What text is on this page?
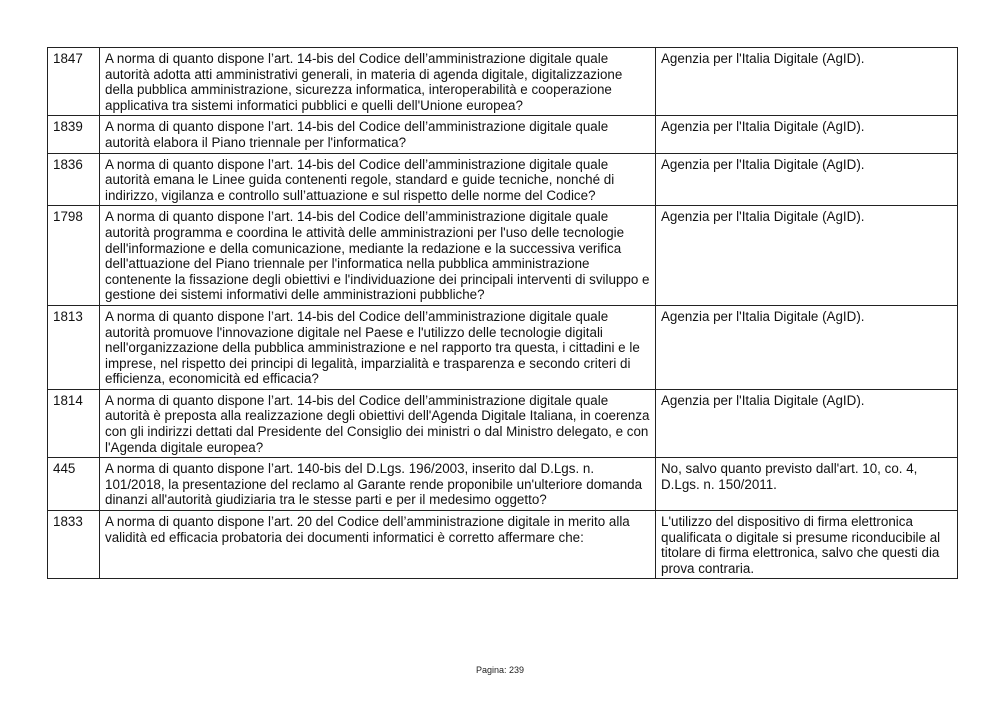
1847	A norma di quanto dispone l’art. 14-bis del Codice dell’amministrazione digitale quale autorità adotta atti amministrativi generali, in materia di agenda digitale, digitalizzazione della pubblica amministrazione, sicurezza informatica, interoperabilità e cooperazione applicativa tra sistemi informatici pubblici e quelli dell'Unione europea?	Agenzia per l'Italia Digitale (AgID).
1839	A norma di quanto dispone l’art. 14-bis del Codice dell’amministrazione digitale quale autorità elabora il Piano triennale per l'informatica?	Agenzia per l'Italia Digitale (AgID).
1836	A norma di quanto dispone l’art. 14-bis del Codice dell’amministrazione digitale quale autorità emana le Linee guida contenenti regole, standard e guide tecniche, nonché di indirizzo, vigilanza e controllo sull’attuazione e sul rispetto delle norme del Codice?	Agenzia per l'Italia Digitale (AgID).
1798	A norma di quanto dispone l’art. 14-bis del Codice dell’amministrazione digitale quale autorità programma e coordina le attività delle amministrazioni per l'uso delle tecnologie dell'informazione e della comunicazione, mediante la redazione e la successiva verifica dell'attuazione del Piano triennale per l'informatica nella pubblica amministrazione contenente la fissazione degli obiettivi e l'individuazione dei principali interventi di sviluppo e gestione dei sistemi informativi delle amministrazioni pubbliche?	Agenzia per l'Italia Digitale (AgID).
1813	A norma di quanto dispone l’art. 14-bis del Codice dell’amministrazione digitale quale autorità promuove l'innovazione digitale nel Paese e l'utilizzo delle tecnologie digitali nell'organizzazione della pubblica amministrazione e nel rapporto tra questa, i cittadini e le imprese, nel rispetto dei principi di legalità, imparzialità e trasparenza e secondo criteri di efficienza, economicità ed efficacia?	Agenzia per l'Italia Digitale (AgID).
1814	A norma di quanto dispone l’art. 14-bis del Codice dell’amministrazione digitale quale autorità è preposta alla realizzazione degli obiettivi dell'Agenda Digitale Italiana, in coerenza con gli indirizzi dettati dal Presidente del Consiglio dei ministri o dal Ministro delegato, e con l'Agenda digitale europea?	Agenzia per l'Italia Digitale (AgID).
445	A norma di quanto dispone l’art. 140-bis del D.Lgs. 196/2003, inserito dal D.Lgs. n. 101/2018, la presentazione del reclamo al Garante rende proponibile un'ulteriore domanda dinanzi all'autorità giudiziaria tra le stesse parti e per il medesimo oggetto?	No, salvo quanto previsto dall'art. 10, co. 4, D.Lgs. n. 150/2011.
1833	A norma di quanto dispone l’art. 20 del Codice dell’amministrazione digitale in merito alla validità ed efficacia probatoria dei documenti informatici è corretto affermare che:	L'utilizzo del dispositivo di firma elettronica qualificata o digitale si presume riconducibile al titolare di firma elettronica, salvo che questi dia prova contraria.
Pagina: 239
